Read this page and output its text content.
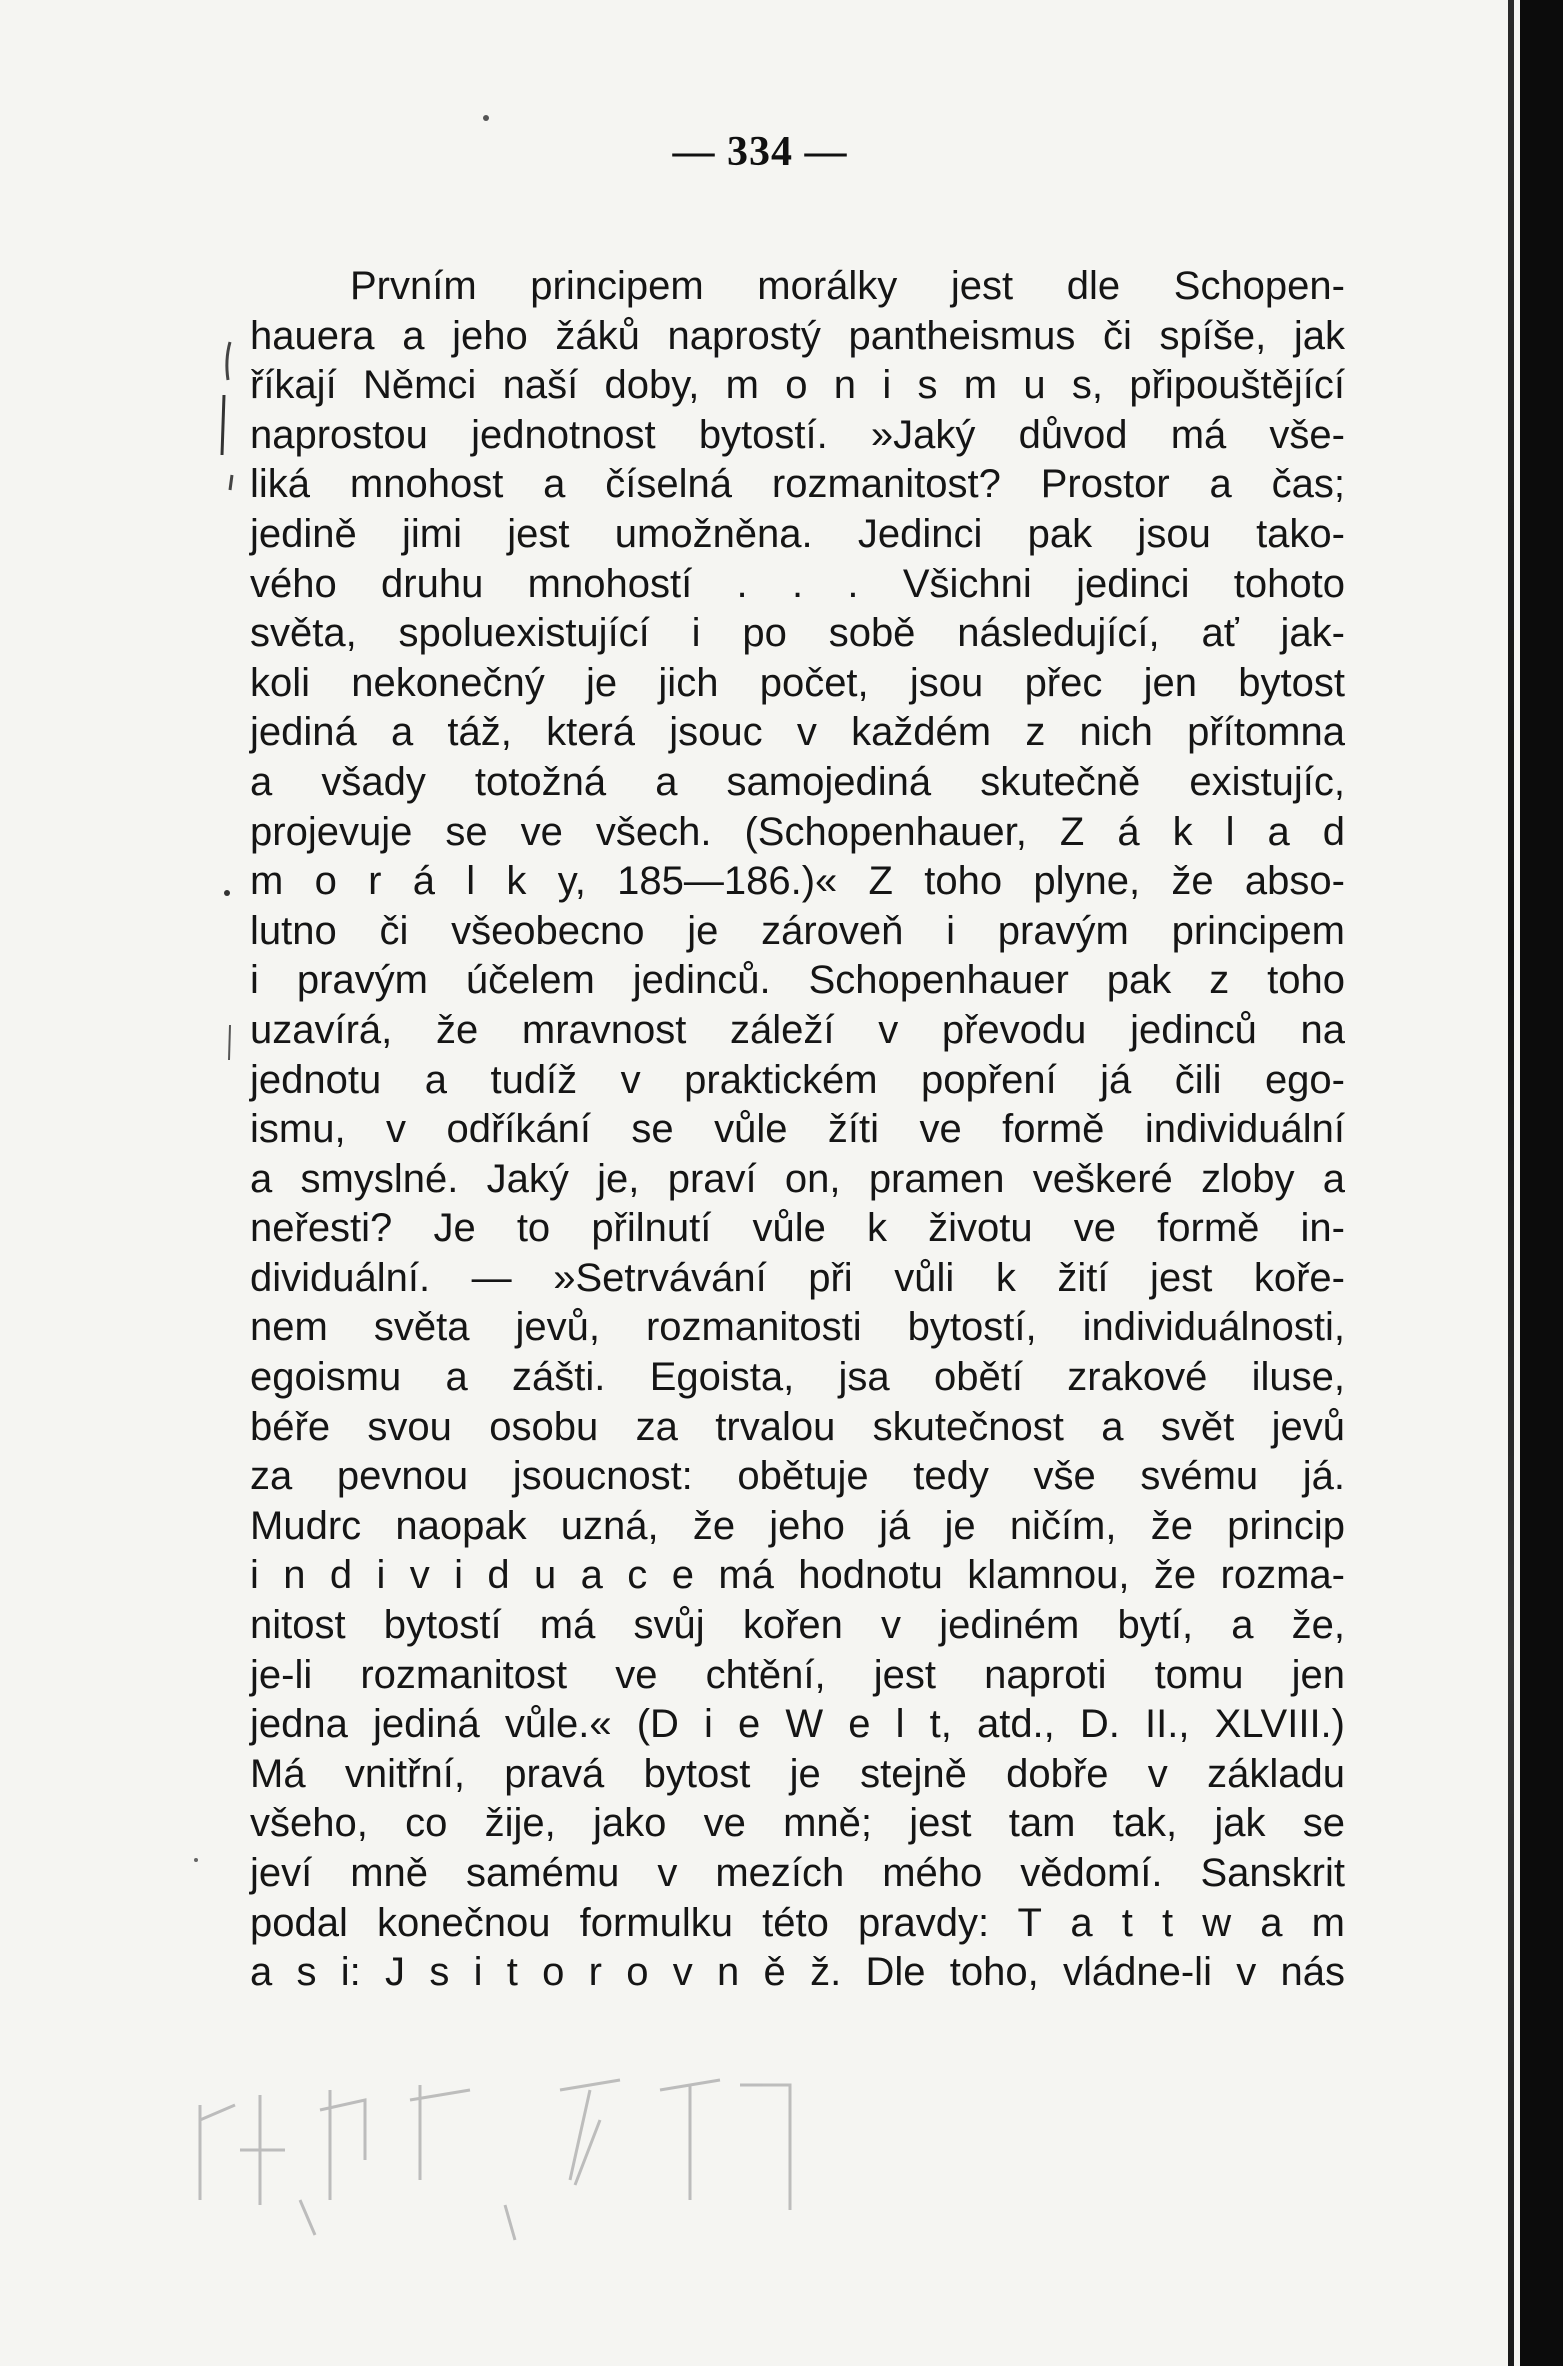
— 334 —
Prvním principem morálky jest dle Schopen-
hauera a jeho žáků naprostý pantheismus či spíše, jak
říkají Němci naší doby, m o n i s m u s, připouštějící
naprostou jednotnost bytostí. »Jaký důvod má vše-
liká mnohost a číselná rozmanitost? Prostor a čas;
jedině jimi jest umožněna. Jedinci pak jsou tako-
vého druhu mnohostí . . . Všichni jedinci tohoto
světa, spoluexistující i po sobě následující, ať jak-
koli nekonečný je jich počet, jsou přec jen bytost
jediná a táž, která jsouc v každém z nich přítomna
a všady totožná a samojediná skutečně existujíc,
projevuje se ve všech. (Schopenhauer, Z á k l a d
m o r á l k y, 185—186.)« Z toho plyne, že abso-
lutno či všeobecno je zároveň i pravým principem
i pravým účelem jedinců. Schopenhauer pak z toho
uzavírá, že mravnost záleží v převodu jedinců na
jednotu a tudíž v praktickém popření já čili ego-
ismu, v odříkání se vůle žíti ve formě individuální
a smyslné. Jaký je, praví on, pramen veškeré zloby a
neřesti? Je to přilnutí vůle k životu ve formě in-
dividuální. — »Setrvávání při vůli k žití jest koře-
nem světa jevů, rozmanitosti bytostí, individuálnosti,
egoismu a zášti. Egoista, jsa obětí zrakové iluse,
béře svou osobu za trvalou skutečnost a svět jevů
za pevnou jsoucnost: obětuje tedy vše svému já.
Mudrc naopak uzná, že jeho já je ničím, že princip
i n d i v i d u a c e má hodnotu klamnou, že rozma-
nitost bytostí má svůj kořen v jediném bytí, a že,
je-li rozmanitost ve chtění, jest naproti tomu jen
jedna jediná vůle.« (D i e W e l t, atd., D. II., XLVIII.)
Má vnitřní, pravá bytost je stejně dobře v základu
všeho, co žije, jako ve mně; jest tam tak, jak se
jeví mně samému v mezích mého vědomí. Sanskrit
podal konečnou formulku této pravdy: T a t t w a m
a s i: J s i t o r o v n ě ž. Dle toho, vládne-li v nás
